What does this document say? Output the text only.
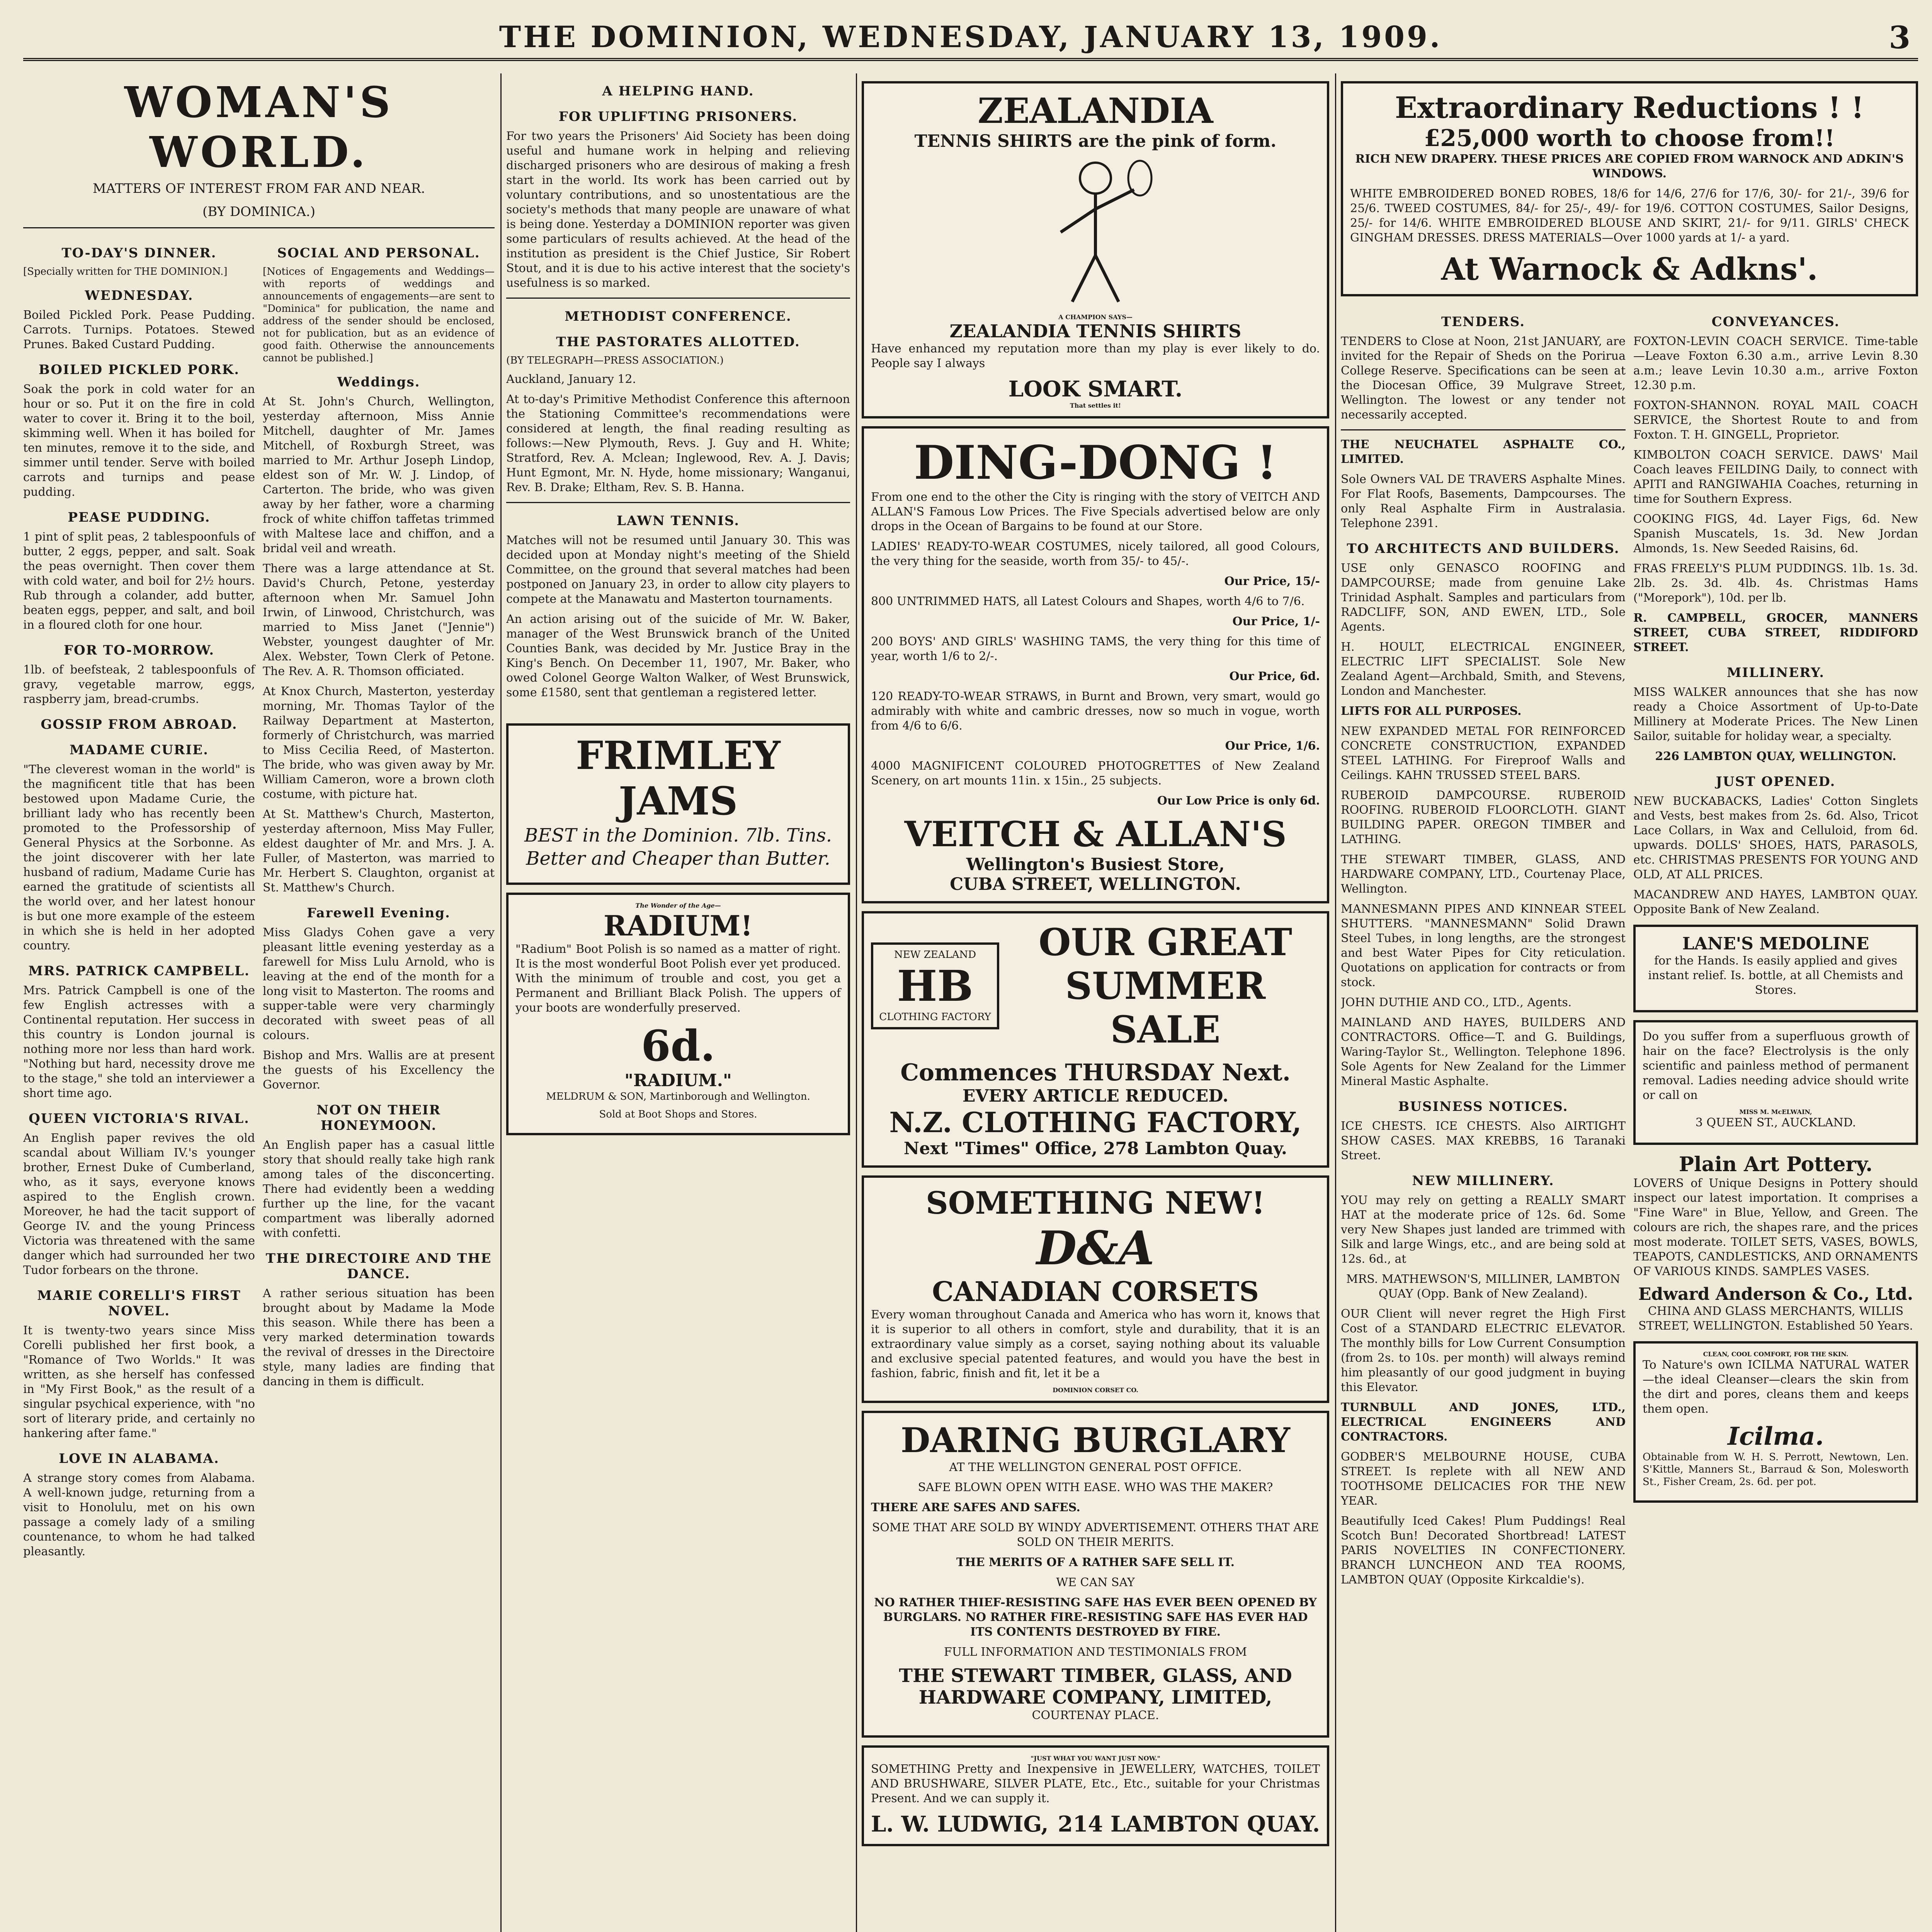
THE DOMINION, WEDNESDAY, JANUARY 13, 1909.	3
WOMAN'S WORLD.
MATTERS OF INTEREST FROM FAR AND NEAR.
(BY DOMINICA.)
TO-DAY'S DINNER.

[Specially written for THE DOMINION.]

WEDNESDAY.

Boiled Pickled Pork. Pease Pudding. Carrots. Turnips. Potatoes. Stewed Prunes. Baked Custard Pudding.

BOILED PICKLED PORK.

Soak the pork in cold water for an hour or so. Put it on the fire in cold water to cover it. Bring it to the boil, skimming well. When it has boiled for ten minutes, remove it to the side, and simmer until tender. Serve with boiled carrots and turnips and pease pudding.

PEASE PUDDING.

1 pint of split peas, 2 tablespoonfuls of butter, 2 eggs, pepper, and salt. Soak the peas overnight. Then cover them with cold water, and boil for 2½ hours. Rub through a colander, add butter, beaten eggs, pepper, and salt, and boil in a floured cloth for one hour.

FOR TO-MORROW.

1lb. of beefsteak, 2 tablespoonfuls of gravy, vegetable marrow, eggs, raspberry jam, bread-crumbs.

GOSSIP FROM ABROAD.
MADAME CURIE.

"The cleverest woman in the world" is the magnificent title that has been bestowed upon Madame Curie, the brilliant lady who has recently been promoted to the Professorship of General Physics at the Sorbonne. As the joint discoverer with her late husband of radium, Madame Curie has earned the gratitude of scientists all the world over, and her latest honour is but one more example of the esteem in which she is held in her adopted country.

MRS. PATRICK CAMPBELL.

Mrs. Patrick Campbell is one of the few English actresses with a Continental reputation. Her success in this country is London journal is nothing more nor less than hard work. "Nothing but hard, necessity drove me to the stage," she told an interviewer a short time ago.

QUEEN VICTORIA'S RIVAL.

An English paper revives the old scandal about William IV.'s younger brother, Ernest Duke of Cumberland, who, as it says, everyone knows aspired to the English crown. Moreover, he had the tacit support of George IV. and the young Princess Victoria was threatened with the same danger which had surrounded her two Tudor forbears on the throne.

MARIE CORELLI'S FIRST NOVEL.

It is twenty-two years since Miss Corelli published her first book, a "Romance of Two Worlds." It was written, as she herself has confessed in "My First Book," as the result of a singular psychical experience, with "no sort of literary pride, and certainly no hankering after fame."

LOVE IN ALABAMA.

A strange story comes from Alabama. A well-known judge, returning from a visit to Honolulu, met on his own passage a comely lady of a smiling countenance, to whom he had talked pleasantly.

SOCIAL AND PERSONAL.

[Notices of Engagements and Weddings—with reports of weddings and announcements of engagements—are sent to "Dominica" for publication, the name and address of the sender should be enclosed, not for publication, but as an evidence of good faith. Otherwise the announcements cannot be published.]

Weddings.

At St. John's Church, Wellington, yesterday afternoon, Miss Annie Mitchell, daughter of Mr. James Mitchell, of Roxburgh Street, was married to Mr. Arthur Joseph Lindop, eldest son of Mr. W. J. Lindop, of Carterton. The bride, who was given away by her father, wore a charming frock of white chiffon taffetas trimmed with Maltese lace and chiffon, and a bridal veil and wreath.

There was a large attendance at St. David's Church, Petone, yesterday afternoon when Mr. Samuel John Irwin, of Linwood, Christchurch, was married to Miss Janet ("Jennie") Webster, youngest daughter of Mr. Alex. Webster, Town Clerk of Petone. The Rev. A. R. Thomson officiated.

At Knox Church, Masterton, yesterday morning, Mr. Thomas Taylor of the Railway Department at Masterton, formerly of Christchurch, was married to Miss Cecilia Reed, of Masterton. The bride, who was given away by Mr. William Cameron, wore a brown cloth costume, with picture hat.

At St. Matthew's Church, Masterton, yesterday afternoon, Miss May Fuller, eldest daughter of Mr. and Mrs. J. A. Fuller, of Masterton, was married to Mr. Herbert S. Claughton, organist at St. Matthew's Church.

Farewell Evening.

Miss Gladys Cohen gave a very pleasant little evening yesterday as a farewell for Miss Lulu Arnold, who is leaving at the end of the month for a long visit to Masterton. The rooms and supper-table were very charmingly decorated with sweet peas of all colours.

Bishop and Mrs. Wallis are at present the guests of his Excellency the Governor.

NOT ON THEIR HONEYMOON.

An English paper has a casual little story that should really take high rank among tales of the disconcerting. There had evidently been a wedding further up the line, for the vacant compartment was liberally adorned with confetti.

THE DIRECTOIRE AND THE DANCE.

A rather serious situation has been brought about by Madame la Mode this season. While there has been a very marked determination towards the revival of dresses in the Directoire style, many ladies are finding that dancing in them is difficult.

A HELPING HAND.
FOR UPLIFTING PRISONERS.

For two years the Prisoners' Aid Society has been doing useful and humane work in helping and relieving discharged prisoners who are desirous of making a fresh start in the world. Its work has been carried out by voluntary contributions, and so unostentatious are the society's methods that many people are unaware of what is being done. Yesterday a DOMINION reporter was given some particulars of results achieved. At the head of the institution as president is the Chief Justice, Sir Robert Stout, and it is due to his active interest that the society's usefulness is so marked.

METHODIST CONFERENCE.
THE PASTORATES ALLOTTED.

(BY TELEGRAPH—PRESS ASSOCIATION.)

Auckland, January 12.

At to-day's Primitive Methodist Conference this afternoon the Stationing Committee's recommendations were considered at length, the final reading resulting as follows:—New Plymouth, Revs. J. Guy and H. White; Stratford, Rev. A. Mclean; Inglewood, Rev. A. J. Davis; Hunt Egmont, Mr. N. Hyde, home missionary; Wanganui, Rev. B. Drake; Eltham, Rev. S. B. Hanna.

LAWN TENNIS.

Matches will not be resumed until January 30. This was decided upon at Monday night's meeting of the Shield Committee, on the ground that several matches had been postponed on January 23, in order to allow city players to compete at the Manawatu and Masterton tournaments.

An action arising out of the suicide of Mr. W. Baker, manager of the West Brunswick branch of the United Counties Bank, was decided by Mr. Justice Bray in the King's Bench. On December 11, 1907, Mr. Baker, who owed Colonel George Walton Walker, of West Brunswick, some £1580, sent that gentleman a registered letter.

FRIMLEY
JAMS

BEST in the Dominion. 7lb. Tins. Better and Cheaper than Butter.

The Wonder of the Age—
RADIUM!

"Radium" Boot Polish is so named as a matter of right. It is the most wonderful Boot Polish ever yet produced. With the minimum of trouble and cost, you get a Permanent and Brilliant Black Polish. The uppers of your boots are wonderfully preserved.

6d.
"RADIUM."

MELDRUM & SON, Martinborough and Wellington.

Sold at Boot Shops and Stores.

ZEALANDIA
TENNIS SHIRTS are the pink of form.
A CHAMPION SAYS—
ZEALANDIA TENNIS SHIRTS

Have enhanced my reputation more than my play is ever likely to do. People say I always

LOOK SMART.
That settles it!
DING-DONG !

From one end to the other the City is ringing with the story of VEITCH AND ALLAN'S Famous Low Prices. The Five Specials advertised below are only drops in the Ocean of Bargains to be found at our Store.

LADIES' READY-TO-WEAR COSTUMES, nicely tailored, all good Colours, the very thing for the seaside, worth from 35/- to 45/-.

Our Price, 15/-

800 UNTRIMMED HATS, all Latest Colours and Shapes, worth 4/6 to 7/6.

Our Price, 1/-

200 BOYS' AND GIRLS' WASHING TAMS, the very thing for this time of year, worth 1/6 to 2/-.

Our Price, 6d.

120 READY-TO-WEAR STRAWS, in Burnt and Brown, very smart, would go admirably with white and cambric dresses, now so much in vogue, worth from 4/6 to 6/6.

Our Price, 1/6.

4000 MAGNIFICENT COLOURED PHOTOGRETTES of New Zealand Scenery, on art mounts 11in. x 15in., 25 subjects.

Our Low Price is only 6d.

VEITCH & ALLAN'S
Wellington's Busiest Store,
CUBA STREET, WELLINGTON.
NEW ZEALAND
HB
CLOTHING FACTORY
OUR GREAT
SUMMER SALE
Commences THURSDAY Next.
EVERY ARTICLE REDUCED.
N.Z. CLOTHING FACTORY,
Next "Times" Office, 278 Lambton Quay.
SOMETHING NEW!
D&A
CANADIAN CORSETS

Every woman throughout Canada and America who has worn it, knows that it is superior to all others in comfort, style and durability, that it is an extraordinary value simply as a corset, saying nothing about its valuable and exclusive special patented features, and would you have the best in fashion, fabric, finish and fit, let it be a

DOMINION CORSET CO.
DARING BURGLARY

AT THE WELLINGTON GENERAL POST OFFICE.

SAFE BLOWN OPEN WITH EASE. WHO WAS THE MAKER?

THERE ARE SAFES AND SAFES.

SOME THAT ARE SOLD BY WINDY ADVERTISEMENT. OTHERS THAT ARE SOLD ON THEIR MERITS.

THE MERITS OF A RATHER SAFE SELL IT.

WE CAN SAY

NO RATHER THIEF-RESISTING SAFE HAS EVER BEEN OPENED BY BURGLARS. NO RATHER FIRE-RESISTING SAFE HAS EVER HAD ITS CONTENTS DESTROYED BY FIRE.

FULL INFORMATION AND TESTIMONIALS FROM

THE STEWART TIMBER, GLASS, AND HARDWARE COMPANY, LIMITED,

COURTENAY PLACE.

"JUST WHAT YOU WANT JUST NOW."

SOMETHING Pretty and Inexpensive in JEWELLERY, WATCHES, TOILET AND BRUSHWARE, SILVER PLATE, Etc., Etc., suitable for your Christmas Present. And we can supply it.

L. W. LUDWIG, 214 LAMBTON QUAY.
Extraordinary Reductions ! !
£25,000 worth to choose from!!

RICH NEW DRAPERY. THESE PRICES ARE COPIED FROM WARNOCK AND ADKIN'S WINDOWS.

WHITE EMBROIDERED BONED ROBES, 18/6 for 14/6, 27/6 for 17/6, 30/- for 21/-, 39/6 for 25/6. TWEED COSTUMES, 84/- for 25/-, 49/- for 19/6. COTTON COSTUMES, Sailor Designs, 25/- for 14/6. WHITE EMBROIDERED BLOUSE AND SKIRT, 21/- for 9/11. GIRLS' CHECK GINGHAM DRESSES. DRESS MATERIALS—Over 1000 yards at 1/- a yard.

At Warnock & Adkns'.
TENDERS.

TENDERS to Close at Noon, 21st JANUARY, are invited for the Repair of Sheds on the Porirua College Reserve. Specifications can be seen at the Diocesan Office, 39 Mulgrave Street, Wellington. The lowest or any tender not necessarily accepted.

THE NEUCHATEL ASPHALTE CO., LIMITED.

Sole Owners VAL DE TRAVERS Asphalte Mines. For Flat Roofs, Basements, Dampcourses. The only Real Asphalte Firm in Australasia. Telephone 2391.

TO ARCHITECTS AND BUILDERS.

USE only GENASCO ROOFING and DAMPCOURSE; made from genuine Lake Trinidad Asphalt. Samples and particulars from RADCLIFF, SON, AND EWEN, LTD., Sole Agents.

H. HOULT, ELECTRICAL ENGINEER, ELECTRIC LIFT SPECIALIST. Sole New Zealand Agent—Archbald, Smith, and Stevens, London and Manchester.

LIFTS FOR ALL PURPOSES.

NEW EXPANDED METAL FOR REINFORCED CONCRETE CONSTRUCTION, EXPANDED STEEL LATHING. For Fireproof Walls and Ceilings. KAHN TRUSSED STEEL BARS.

RUBEROID DAMPCOURSE. RUBEROID ROOFING. RUBEROID FLOORCLOTH. GIANT BUILDING PAPER. OREGON TIMBER and LATHING.

THE STEWART TIMBER, GLASS, AND HARDWARE COMPANY, LTD., Courtenay Place, Wellington.

MANNESMANN PIPES AND KINNEAR STEEL SHUTTERS. "MANNESMANN" Solid Drawn Steel Tubes, in long lengths, are the strongest and best Water Pipes for City reticulation. Quotations on application for contracts or from stock.

JOHN DUTHIE AND CO., LTD., Agents.

MAINLAND AND HAYES, BUILDERS AND CONTRACTORS. Office—T. and G. Buildings, Waring-Taylor St., Wellington. Telephone 1896. Sole Agents for New Zealand for the Limmer Mineral Mastic Asphalte.

BUSINESS NOTICES.

ICE CHESTS. ICE CHESTS. Also AIRTIGHT SHOW CASES. MAX KREBBS, 16 Taranaki Street.

NEW MILLINERY.

YOU may rely on getting a REALLY SMART HAT at the moderate price of 12s. 6d. Some very New Shapes just landed are trimmed with Silk and large Wings, etc., and are being sold at 12s. 6d., at

MRS. MATHEWSON'S, MILLINER, LAMBTON QUAY (Opp. Bank of New Zealand).

OUR Client will never regret the High First Cost of a STANDARD ELECTRIC ELEVATOR. The monthly bills for Low Current Consumption (from 2s. to 10s. per month) will always remind him pleasantly of our good judgment in buying this Elevator.

TURNBULL AND JONES, LTD., ELECTRICAL ENGINEERS AND CONTRACTORS.

GODBER'S MELBOURNE HOUSE, CUBA STREET. Is replete with all NEW AND TOOTHSOME DELICACIES FOR THE NEW YEAR.

Beautifully Iced Cakes! Plum Puddings! Real Scotch Bun! Decorated Shortbread! LATEST PARIS NOVELTIES IN CONFECTIONERY. BRANCH LUNCHEON AND TEA ROOMS, LAMBTON QUAY (Opposite Kirkcaldie's).

CONVEYANCES.

FOXTON-LEVIN COACH SERVICE. Time-table—Leave Foxton 6.30 a.m., arrive Levin 8.30 a.m.; leave Levin 10.30 a.m., arrive Foxton 12.30 p.m.

FOXTON-SHANNON. ROYAL MAIL COACH SERVICE, the Shortest Route to and from Foxton. T. H. GINGELL, Proprietor.

KIMBOLTON COACH SERVICE. DAWS' Mail Coach leaves FEILDING Daily, to connect with APITI and RANGIWAHIA Coaches, returning in time for Southern Express.

COOKING FIGS, 4d. Layer Figs, 6d. New Spanish Muscatels, 1s. 3d. New Jordan Almonds, 1s. New Seeded Raisins, 6d.

FRAS FREELY'S PLUM PUDDINGS. 1lb. 1s. 3d. 2lb. 2s. 3d. 4lb. 4s. Christmas Hams ("Morepork"), 10d. per lb.

R. CAMPBELL, GROCER, MANNERS STREET, CUBA STREET, RIDDIFORD STREET.

MILLINERY.

MISS WALKER announces that she has now ready a Choice Assortment of Up-to-Date Millinery at Moderate Prices. The New Linen Sailor, suitable for holiday wear, a specialty.

226 LAMBTON QUAY, WELLINGTON.

JUST OPENED.

NEW BUCKABACKS, Ladies' Cotton Singlets and Vests, best makes from 2s. 6d. Also, Tricot Lace Collars, in Wax and Celluloid, from 6d. upwards. DOLLS' SHOES, HATS, PARASOLS, etc. CHRISTMAS PRESENTS FOR YOUNG AND OLD, AT ALL PRICES.

MACANDREW AND HAYES, LAMBTON QUAY. Opposite Bank of New Zealand.

LANE'S MEDOLINE

for the Hands. Is easily applied and gives instant relief. Is. bottle, at all Chemists and Stores.

Do you suffer from a superfluous growth of hair on the face? Electrolysis is the only scientific and painless method of permanent removal. Ladies needing advice should write or call on

MISS M. McELWAIN,

3 QUEEN ST., AUCKLAND.

Plain Art Pottery.

LOVERS of Unique Designs in Pottery should inspect our latest importation. It comprises a "Fine Ware" in Blue, Yellow, and Green. The colours are rich, the shapes rare, and the prices most moderate. TOILET SETS, VASES, BOWLS, TEAPOTS, CANDLESTICKS, AND ORNAMENTS OF VARIOUS KINDS. SAMPLES VASES.

Edward Anderson & Co., Ltd.

CHINA AND GLASS MERCHANTS, WILLIS STREET, WELLINGTON. Established 50 Years.

CLEAN, COOL COMFORT, FOR THE SKIN.

To Nature's own ICILMA NATURAL WATER—the ideal Cleanser—clears the skin from the dirt and pores, cleans them and keeps them open.

Icilma.

Obtainable from W. H. S. Perrott, Newtown, Len. S'Kittle, Manners St., Barraud & Son, Molesworth St., Fisher Cream, 2s. 6d. per pot.
